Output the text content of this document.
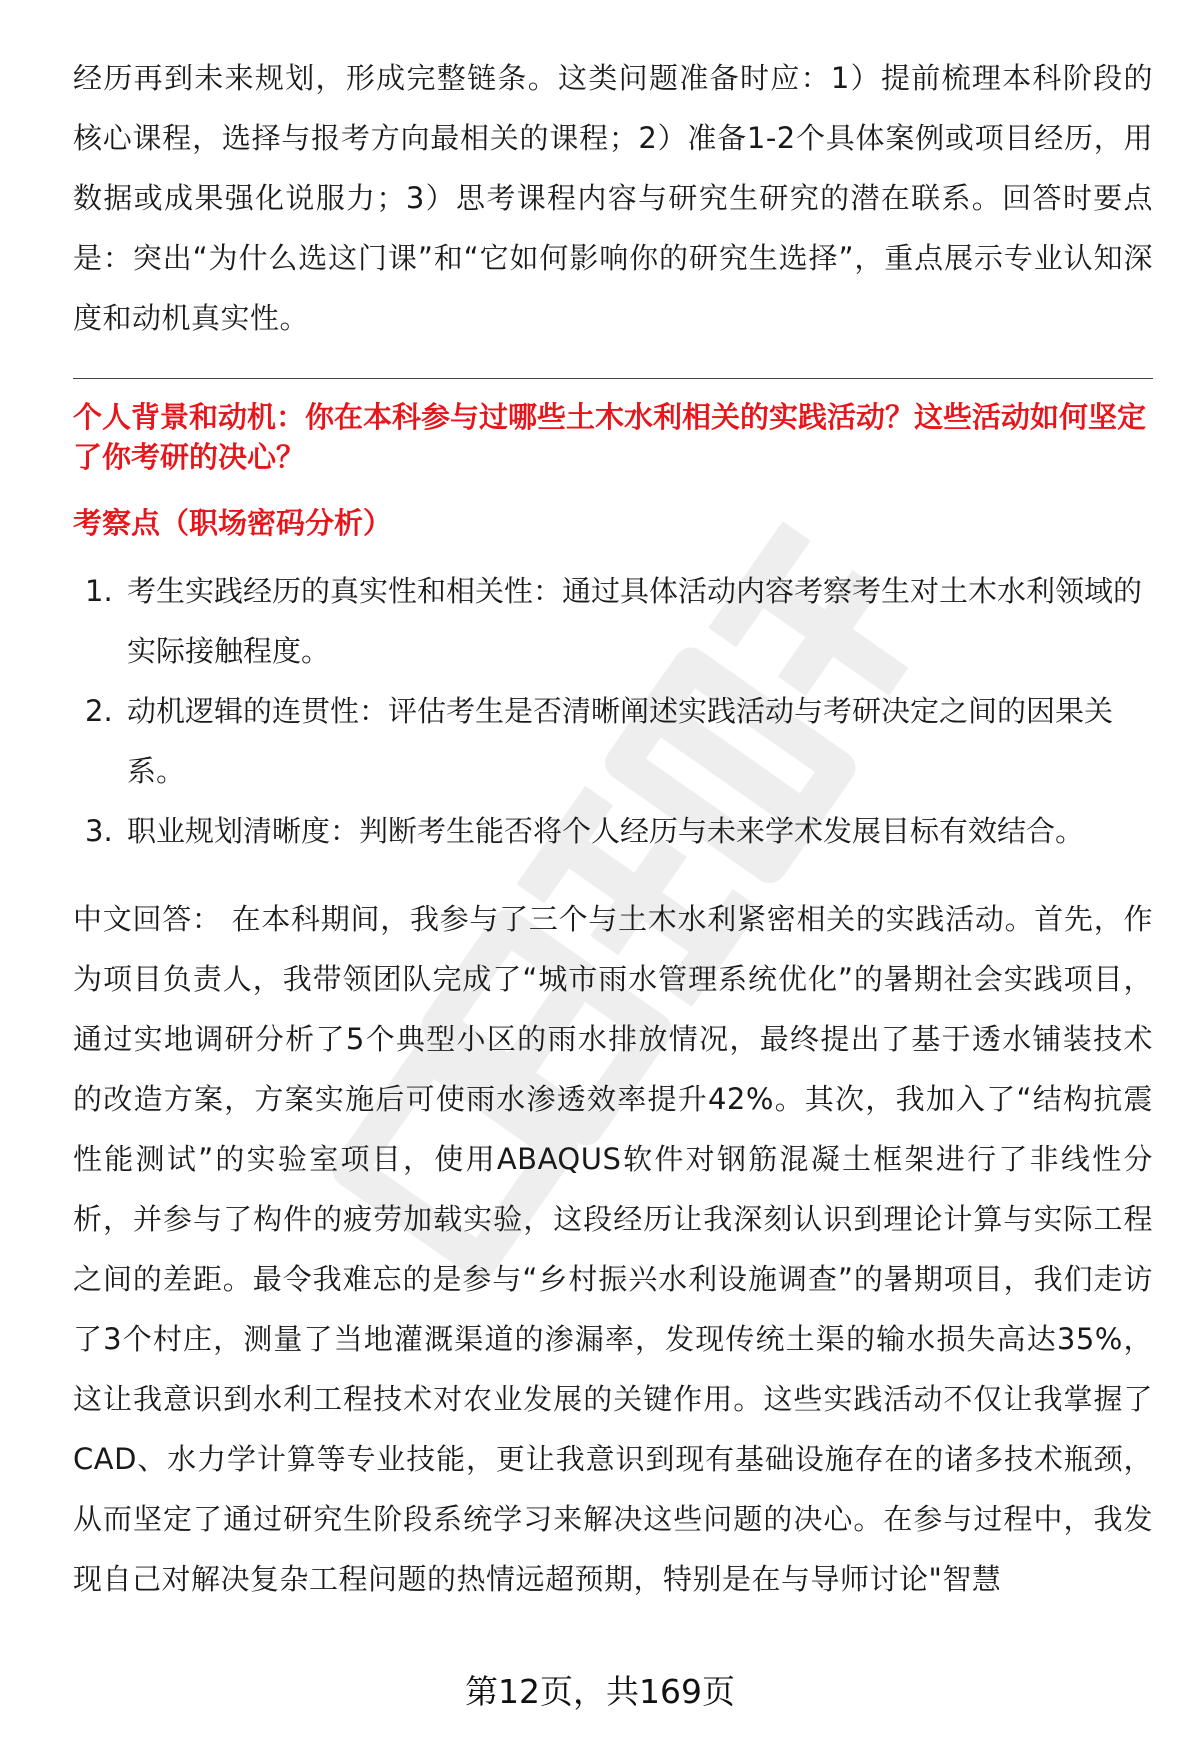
经历再到未来规划，形成完整链条。这类问题准备时应：1）提前梳理本科阶段的核心课程，选择与报考方向最相关的课程；2）准备1-2个具体案例或项目经历，用数据或成果强化说服力；3）思考课程内容与研究生研究的潜在联系。回答时要点是：突出“为什么选这门课”和“它如何影响你的研究生选择”，重点展示专业认知深度和动机真实性。

个人背景和动机：你在本科参与过哪些土木水利相关的实践活动？这些活动如何坚定了你考研的决心？
考察点（职场密码分析）
1. 考生实践经历的真实性和相关性：通过具体活动内容考察考生对土木水利领域的实际接触程度。
2. 动机逻辑的连贯性：评估考生是否清晰阐述实践活动与考研决定之间的因果关系。
3. 职业规划清晰度：判断考生能否将个人经历与未来学术发展目标有效结合。

中文回答： 在本科期间，我参与了三个与土木水利紧密相关的实践活动。首先，作为项目负责人，我带领团队完成了“城市雨水管理系统优化”的暑期社会实践项目，通过实地调研分析了5个典型小区的雨水排放情况，最终提出了基于透水铺装技术的改造方案，方案实施后可使雨水渗透效率提升42%。其次，我加入了“结构抗震性能测试”的实验室项目，使用ABAQUS软件对钢筋混凝土框架进行了非线性分析，并参与了构件的疲劳加载实验，这段经历让我深刻认识到理论计算与实际工程之间的差距。最令我难忘的是参与“乡村振兴水利设施调查”的暑期项目，我们走访了3个村庄，测量了当地灌溉渠道的渗漏率，发现传统土渠的输水损失高达35%，这让我意识到水利工程技术对农业发展的关键作用。这些实践活动不仅让我掌握了CAD、水力学计算等专业技能，更让我意识到现有基础设施存在的诸多技术瓶颈，从而坚定了通过研究生阶段系统学习来解决这些问题的决心。在参与过程中，我发现自己对解决复杂工程问题的热情远超预期，特别是在与导师讨论"智慧

第12页，共169页
